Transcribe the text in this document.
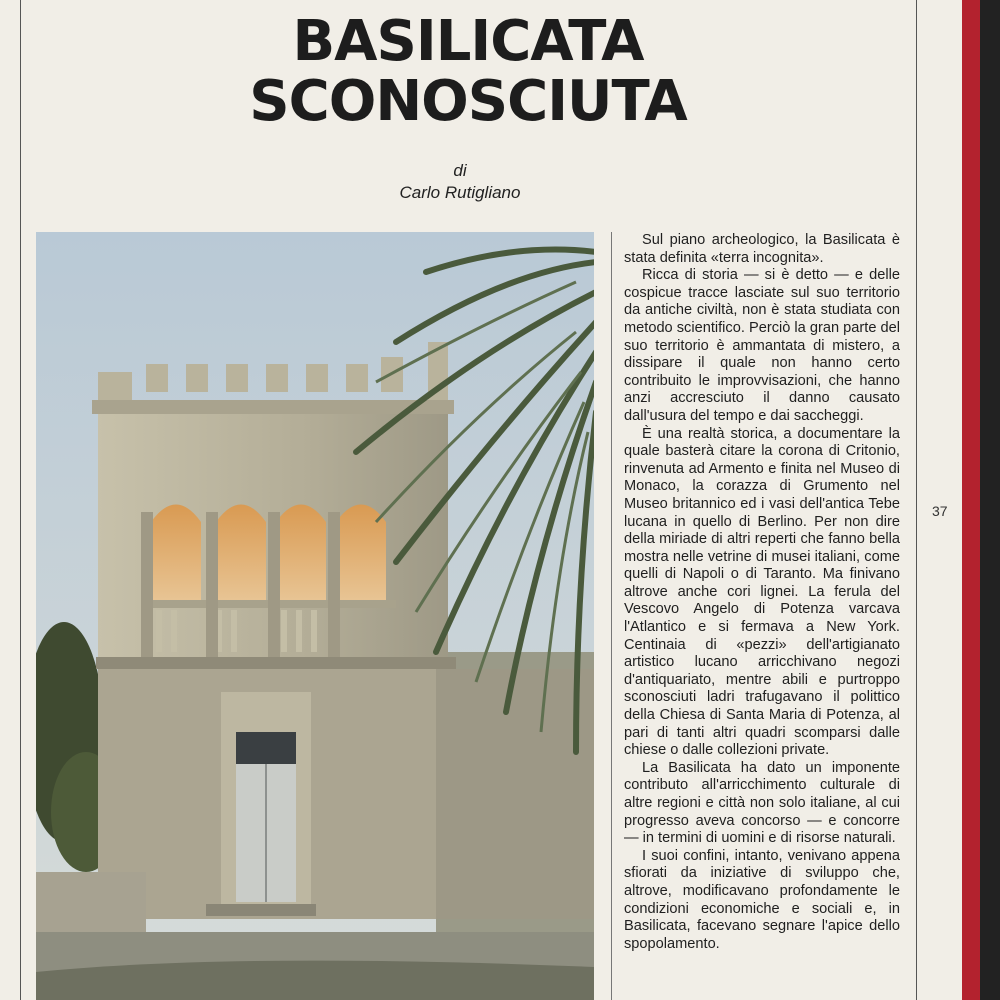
BASILICATA
SCONOSCIUTA
di
Carlo Rutigliano

Sul piano archeologico, la Basilicata è stata definita «terra incognita».

Ricca di storia — si è detto — e delle cospicue tracce lasciate sul suo territorio da antiche civiltà, non è stata studiata con metodo scientifico. Perciò la gran parte del suo territorio è ammantata di mistero, a dissipare il quale non hanno certo contribuito le improvvisazioni, che hanno anzi accresciuto il danno causato dall'usura del tempo e dai saccheggi.

È una realtà storica, a documentare la quale basterà citare la corona di Critonio, rinvenuta ad Armento e finita nel Museo di Monaco, la corazza di Grumento nel Museo britannico ed i vasi dell'antica Tebe lucana in quello di Berlino. Per non dire della miriade di altri reperti che fanno bella mostra nelle vetrine di musei italiani, come quelli di Napoli o di Taranto. Ma finivano altrove anche cori lignei. La ferula del Vescovo Angelo di Potenza varcava l'Atlantico e si fermava a New York. Centinaia di «pezzi» dell'artigianato artistico lucano arricchivano negozi d'antiquariato, mentre abili e purtroppo sconosciuti ladri trafugavano il polittico della Chiesa di Santa Maria di Potenza, al pari di tanti altri quadri scomparsi dalle chiese o dalle collezioni private.

La Basilicata ha dato un imponente contributo all'arricchimento culturale di altre regioni e città non solo italiane, al cui progresso aveva concorso — e concorre — in termini di uomini e di risorse naturali.

I suoi confini, intanto, venivano appena sfiorati da iniziative di sviluppo che, altrove, modificavano profondamente le condizioni economiche e sociali e, in Basilicata, facevano segnare l'apice dello spopolamento.

37
